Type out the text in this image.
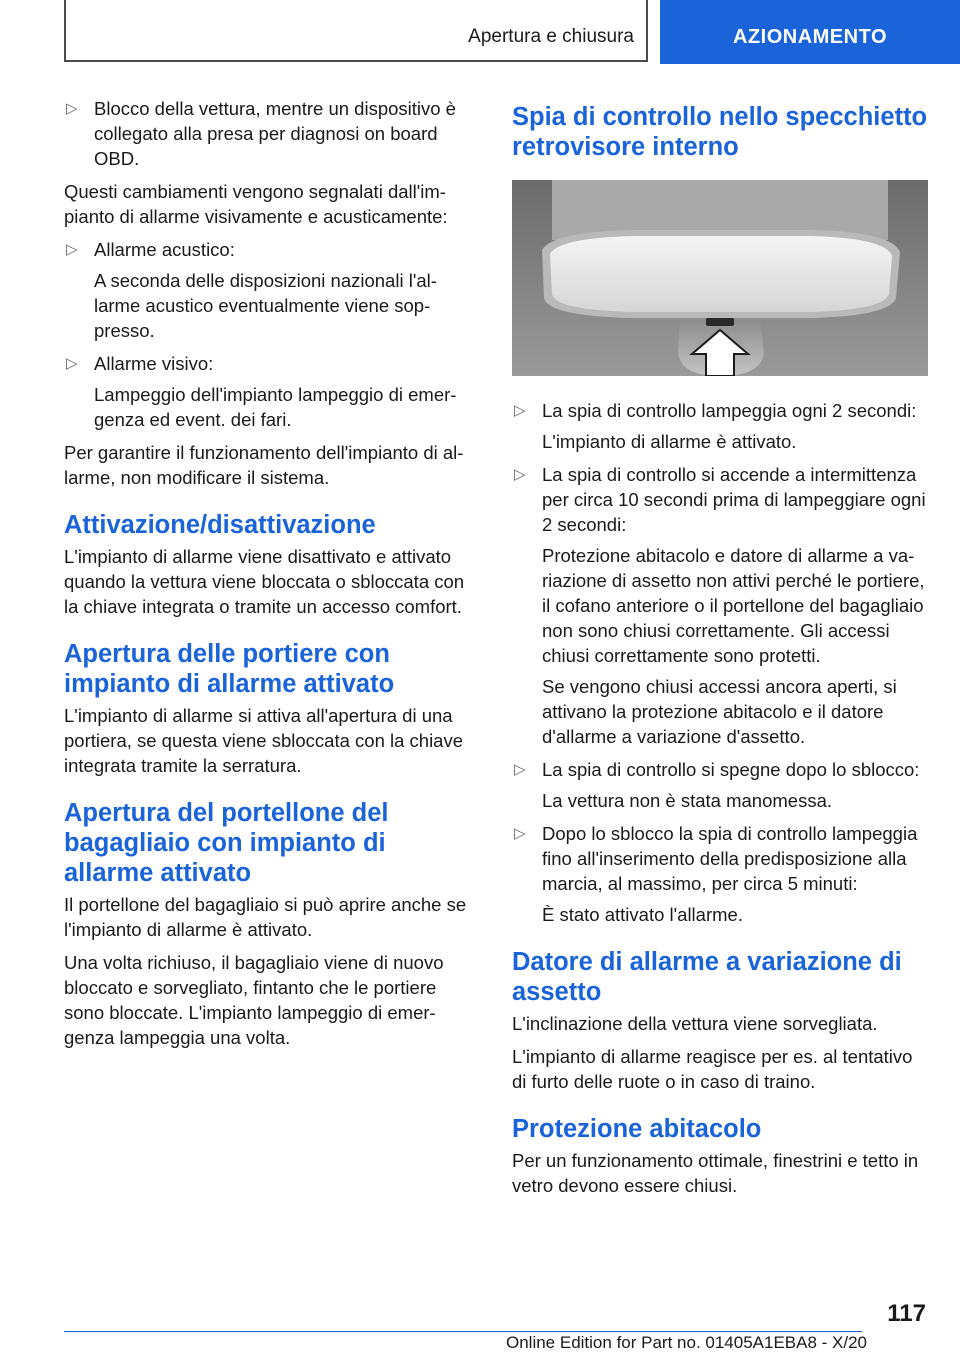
Apertura e chiusura	AZIONAMENTO
▷ Blocco della vettura, mentre un dispositivo è collegato alla presa per diagnosi on board OBD.

Questi cambiamenti vengono segnalati dall'impianto di allarme visivamente e acusticamente:

▷ Allarme acustico:
A seconda delle disposizioni nazionali l'allarme acustico eventualmente viene soppresso.
▷ Allarme visivo:
Lampeggio dell'impianto lampeggio di emergenza ed event. dei fari.

Per garantire il funzionamento dell'impianto di allarme, non modificare il sistema.

Attivazione/disattivazione

L'impianto di allarme viene disattivato e attivato quando la vettura viene bloccata o sbloccata con la chiave integrata o tramite un accesso comfort.

Apertura delle portiere con impianto di allarme attivato

L'impianto di allarme si attiva all'apertura di una portiera, se questa viene sbloccata con la chiave integrata tramite la serratura.

Apertura del portellone del bagagliaio con impianto di allarme attivato

Il portellone del bagagliaio si può aprire anche se l'impianto di allarme è attivato.

Una volta richiuso, il bagagliaio viene di nuovo bloccato e sorvegliato, fintanto che le portiere sono bloccate. L'impianto lampeggio di emergenza lampeggia una volta.

Spia di controllo nello specchietto retrovisore interno
▷ La spia di controllo lampeggia ogni 2 secondi:
L'impianto di allarme è attivato.
▷ La spia di controllo si accende a intermittenza per circa 10 secondi prima di lampeggiare ogni 2 secondi:
Protezione abitacolo e datore di allarme a variazione di assetto non attivi perché le portiere, il cofano anteriore o il portellone del bagagliaio non sono chiusi correttamente. Gli accessi chiusi correttamente sono protetti.
Se vengono chiusi accessi ancora aperti, si attivano la protezione abitacolo e il datore d'allarme a variazione d'assetto.
▷ La spia di controllo si spegne dopo lo sblocco:
La vettura non è stata manomessa.
▷ Dopo lo sblocco la spia di controllo lampeggia fino all'inserimento della predisposizione alla marcia, al massimo, per circa 5 minuti:
È stato attivato l'allarme.
Datore di allarme a variazione di assetto

L'inclinazione della vettura viene sorvegliata.

L'impianto di allarme reagisce per es. al tentativo di furto delle ruote o in caso di traino.

Protezione abitacolo

Per un funzionamento ottimale, finestrini e tetto in vetro devono essere chiusi.

117
Online Edition for Part no. 01405A1EBA8 - X/20
